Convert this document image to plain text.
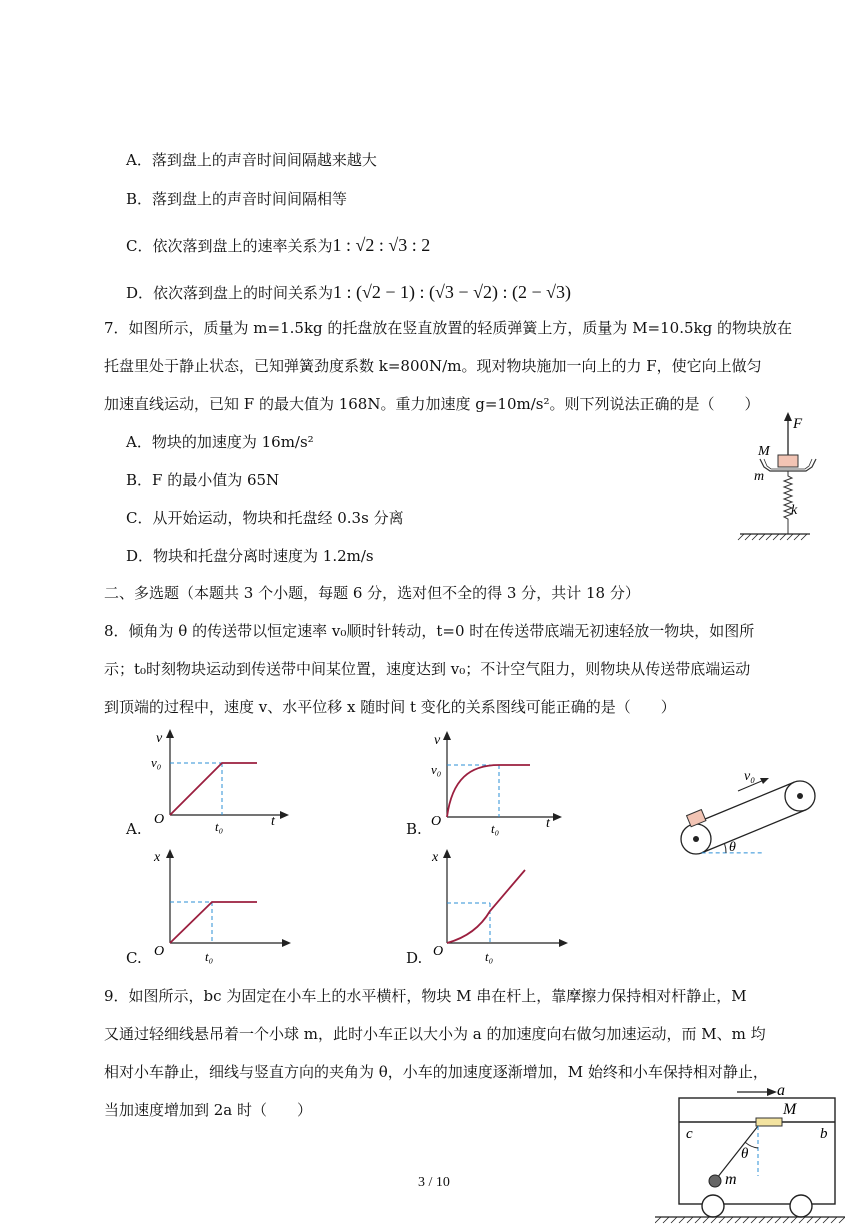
A．落到盘上的声音时间间隔越来越大
B．落到盘上的声音时间间隔相等
C．依次落到盘上的速率关系为1 : √2 : √3 : 2
D．依次落到盘上的时间关系为1 : (√2 − 1) : (√3 − √2) : (2 − √3)
7．如图所示，质量为 m=1.5kg 的托盘放在竖直放置的轻质弹簧上方，质量为 M=10.5kg 的物块放在
托盘里处于静止状态，已知弹簧劲度系数 k=800N/m。现对物块施加一向上的力 F，使它向上做匀
加速直线运动，已知 F 的最大值为 168N。重力加速度 g=10m/s²。则下列说法正确的是（　　）
A．物块的加速度为 16m/s²
B．F 的最小值为 65N
C．从开始运动，物块和托盘经 0.3s 分离
D．物块和托盘分离时速度为 1.2m/s
F
M
m
k
二、多选题（本题共 3 个小题，每题 6 分，选对但不全的得 3 分，共计 18 分）
8．倾角为 θ 的传送带以恒定速率 v₀顺时针转动，t=0 时在传送带底端无初速轻放一物块，如图所
示；t₀时刻物块运动到传送带中间某位置，速度达到 v₀；不计空气阻力，则物块从传送带底端运动
到顶端的过程中，速度 v、水平位移 x 随时间 t 变化的关系图线可能正确的是（　　）
A.
v
v₀
O	t₀	t	B.
v
v₀
O	t₀	t
C.
x
O	t₀	D.
x
O	t₀
θ
v₀
9．如图所示，bc 为固定在小车上的水平横杆，物块 M 串在杆上，靠摩擦力保持相对杆静止，M
又通过轻细线悬吊着一个小球 m，此时小车正以大小为 a 的加速度向右做匀加速运动，而 M、m 均
相对小车静止，细线与竖直方向的夹角为 θ，小车的加速度逐渐增加，M 始终和小车保持相对静止，
当加速度增加到 2a 时（　　）
a
M
c	b
θ
m
3 / 10
